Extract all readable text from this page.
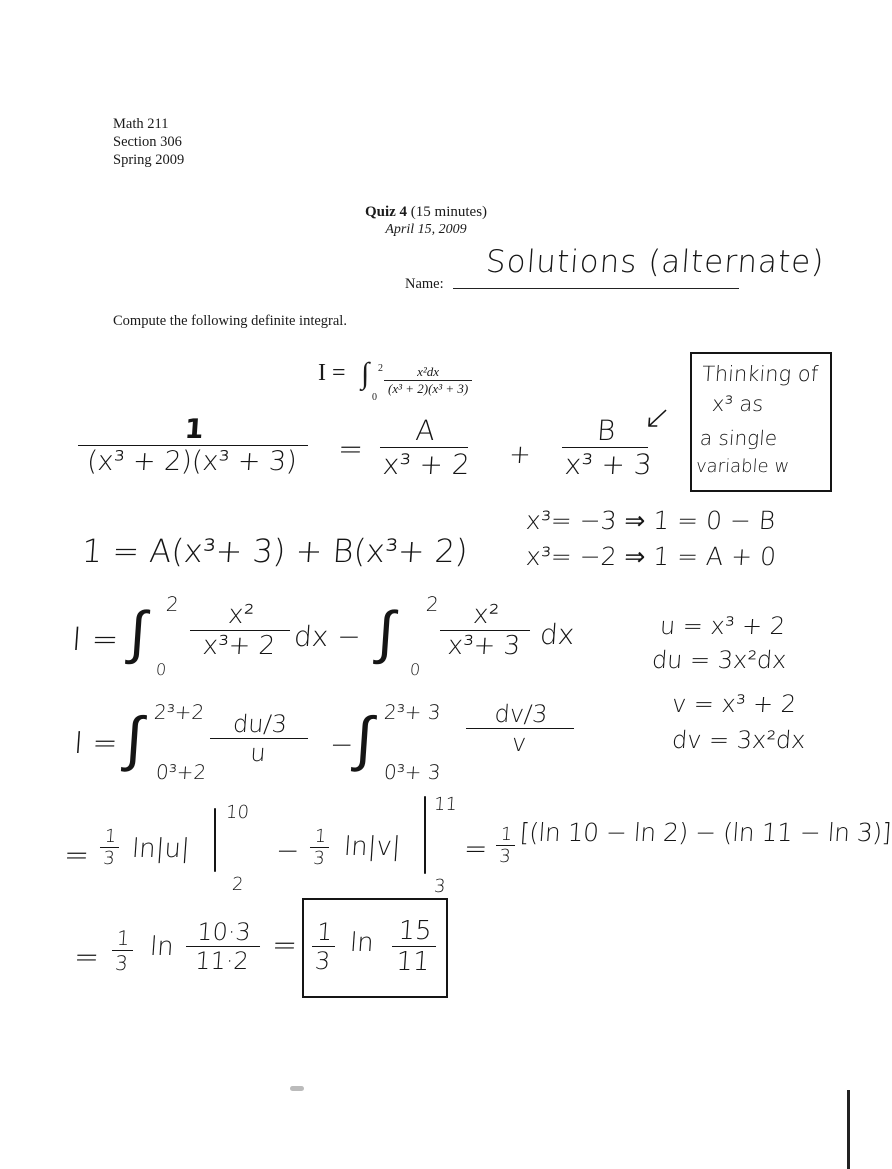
Math 211
Section 306
Spring 2009
Quiz 4 (15 minutes)
April 15, 2009
Name:
Solutions (alternate)
Compute the following definite integral.
I = ∫ 2
0
$\frac{\text{x²dx}}{\text{(x³ + 2)(x³ + 3)}}$	Thinking of
x³ as
a single
variable w
↙
$\frac{1}{\text{(x³ + 2)(x³ + 3)}} = \frac{A}{\text{x³ + 2}} + \frac{B}{\text{x³ + 3}}$
x³= −3 ⇒ 1 = 0 − B
x³= −2 ⇒ 1 = A + 0
1 = A(x³+ 3) + B(x³+ 2)
I = ∫ 2
0
$\frac{\text{x²}}{\text{x³+ 2}}$ dx − ∫ 2
0
$\frac{\text{x²}}{\text{x³+ 3}}$ dx	u = x³ + 2
du = 3x²dx
v = x³ + 2
dv = 3x²dx
I = ∫ 2³+2
0³+2
$\frac{du/3}{u}$ −
∫ 2³+ 3
0³+ 3
$\frac{dv/3}{v}$
= $\frac{1}{3} \ln|u|$
10
2
− $\frac{1}{3} \ln|v|$
11
3
= $\frac{1}{3} [(\ln$ 10 − ln 2) − (ln 11 − ln 3)]
= $\frac{1}{3}$ $\ln \frac{10\cdot 3}{11\cdot 2} = \frac{1}{3}$ $\ln \frac{15}{11}$
